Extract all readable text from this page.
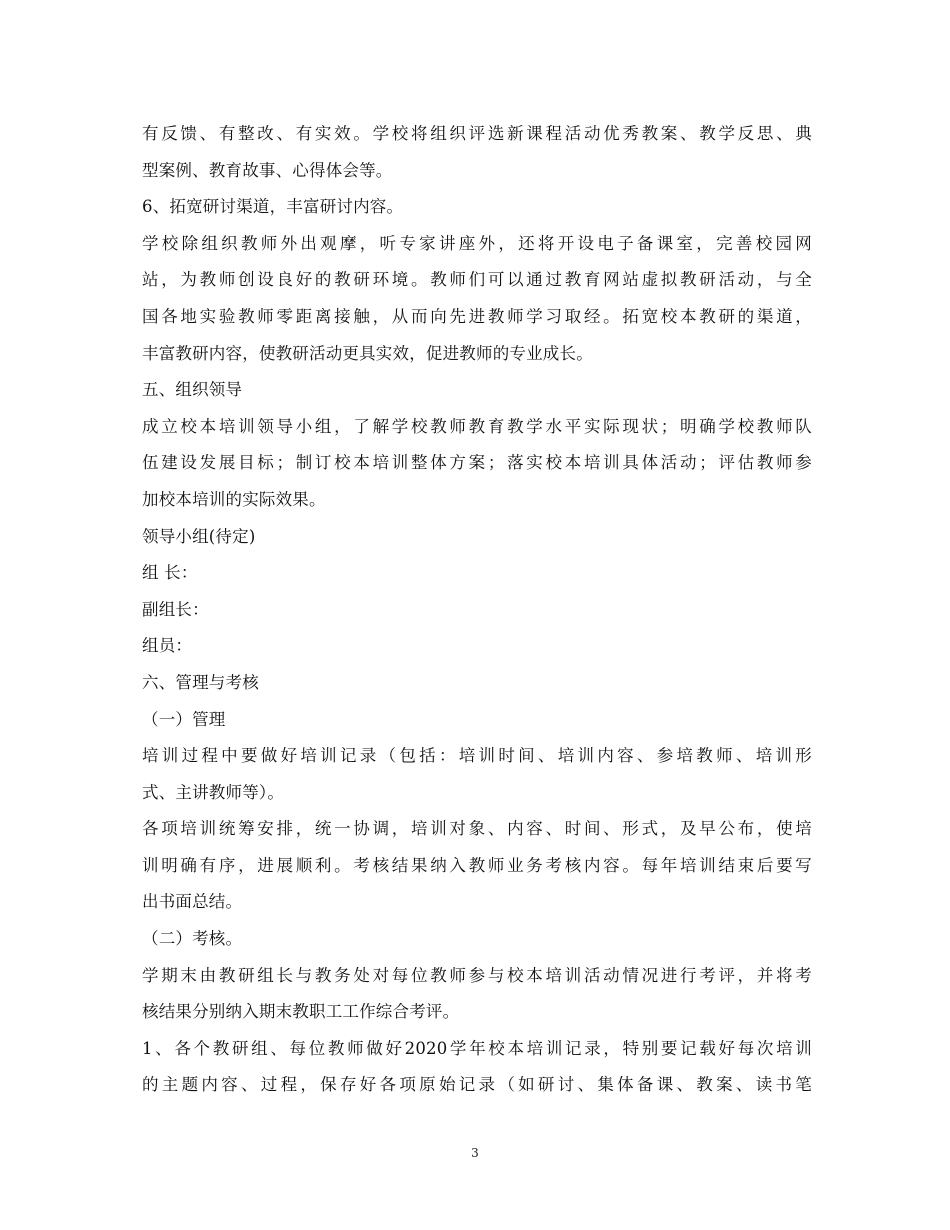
有反馈、有整改、有实效。学校将组织评选新课程活动优秀教案、教学反思、典
型案例、教育故事、心得体会等。
6、拓宽研讨渠道，丰富研讨内容。
学校除组织教师外出观摩，听专家讲座外，还将开设电子备课室，完善校园网
站，为教师创设良好的教研环境。教师们可以通过教育网站虚拟教研活动，与全
国各地实验教师零距离接触，从而向先进教师学习取经。拓宽校本教研的渠道，
丰富教研内容，使教研活动更具实效，促进教师的专业成长。
五、组织领导
成立校本培训领导小组，了解学校教师教育教学水平实际现状；明确学校教师队
伍建设发展目标；制订校本培训整体方案；落实校本培训具体活动；评估教师参
加校本培训的实际效果。
领导小组(待定)
组 长：
副组长：
组员：
六、管理与考核
（一）管理
培训过程中要做好培训记录（包括：培训时间、培训内容、参培教师、培训形
式、主讲教师等）。
各项培训统筹安排，统一协调，培训对象、内容、时间、形式，及早公布，使培
训明确有序，进展顺利。考核结果纳入教师业务考核内容。每年培训结束后要写
出书面总结。
（二）考核。
学期末由教研组长与教务处对每位教师参与校本培训活动情况进行考评，并将考
核结果分别纳入期末教职工工作综合考评。
1、各个教研组、每位教师做好2020学年校本培训记录，特别要记载好每次培训
的主题内容、过程，保存好各项原始记录（如研讨、集体备课、教案、读书笔
3
